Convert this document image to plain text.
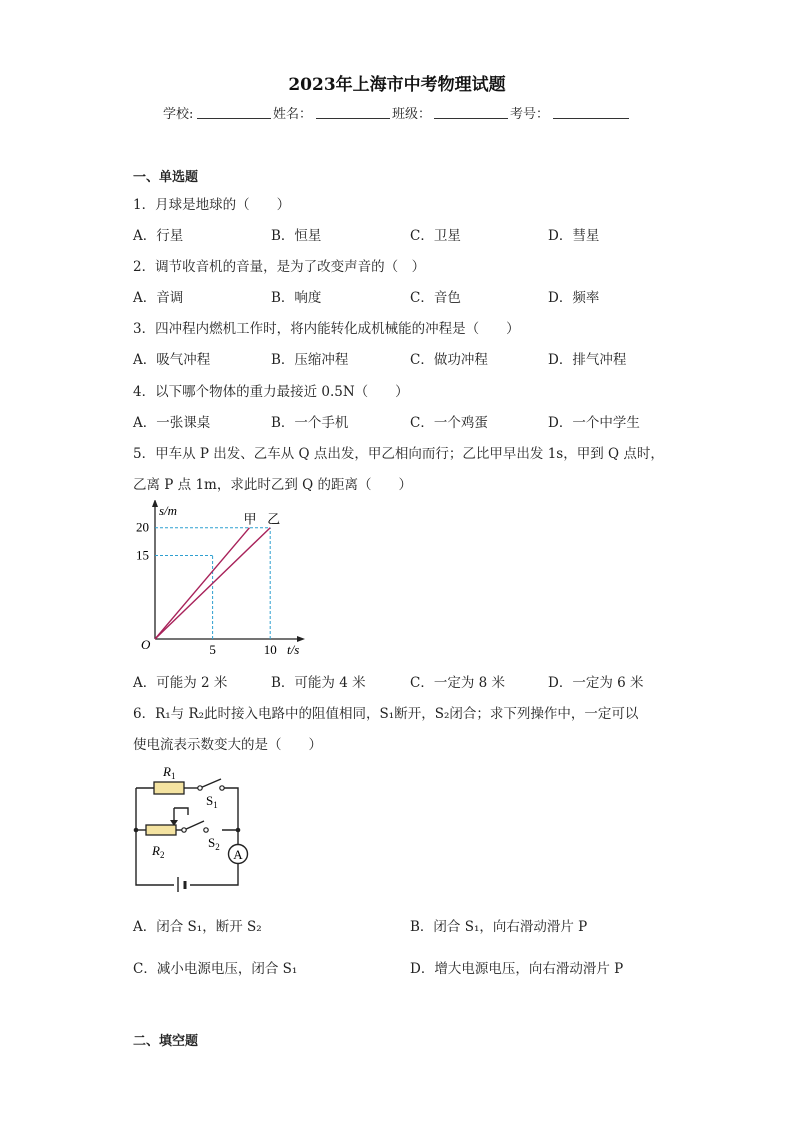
2023年上海市中考物理试题
学校:	姓名：	班级：	考号：
一、单选题
1．月球是地球的（　　）
A．行星	B．恒星	C．卫星	D．彗星
2．调节收音机的音量，是为了改变声音的（　）
A．音调	B．响度	C．音色	D．频率
3．四冲程内燃机工作时，将内能转化成机械能的冲程是（　　）
A．吸气冲程	B．压缩冲程	C．做功冲程	D．排气冲程
4．以下哪个物体的重力最接近 0.5N（　　）
A．一张课桌	B．一个手机	C．一个鸡蛋	D．一个中学生
5．甲车从 P 出发、乙车从 Q 点出发，甲乙相向而行；乙比甲早出发 1s，甲到 Q 点时，
乙离 P 点 1m，求此时乙到 Q 的距离（　　）
15
20
5	10
甲 乙
s/m
t/s
O
A．可能为 2 米	B．可能为 4 米	C．一定为 8 米	D．一定为 6 米
6．R₁与 R₂此时接入电路中的阻值相同，S₁断开，S₂闭合；求下列操作中，一定可以
使电流表示数变大的是（　　）
A
$R_1$
$R_2$
$S_1$
$S_2$
A．闭合 S₁，断开 S₂	B．闭合 S₁，向右滑动滑片 P
C．减小电源电压，闭合 S₁	D．增大电源电压，向右滑动滑片 P
二、填空题
